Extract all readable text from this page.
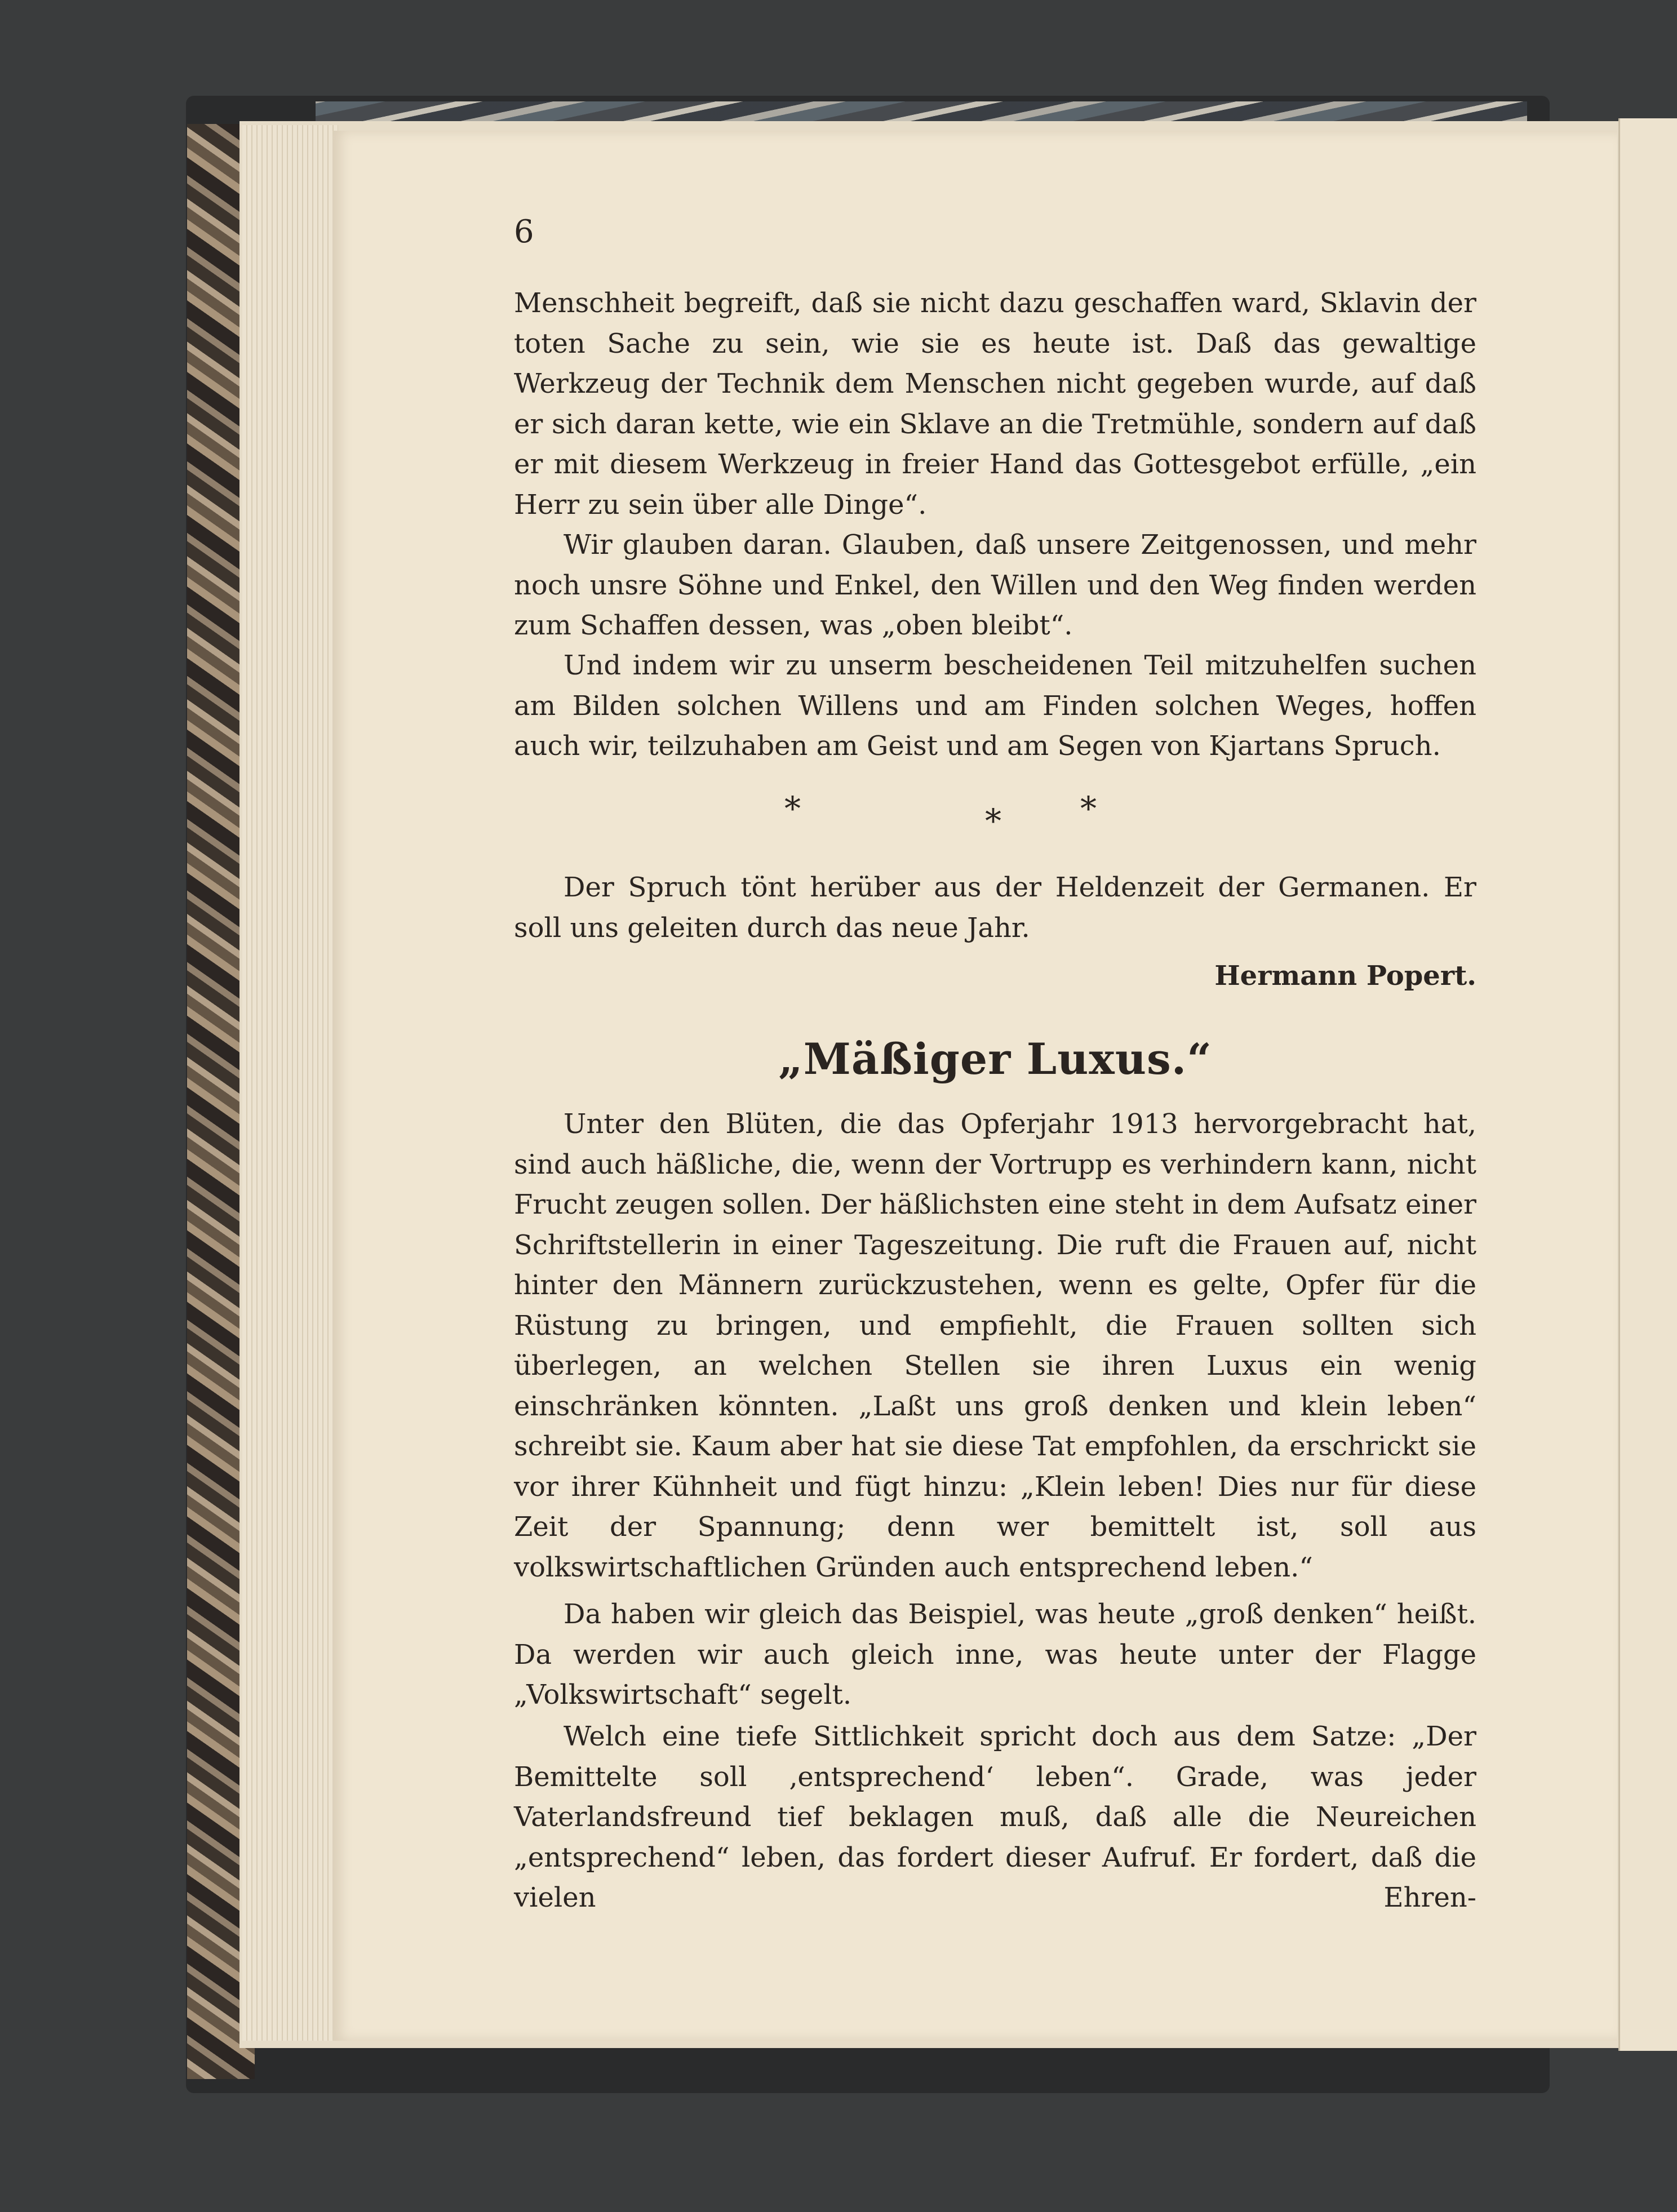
6
Menschheit begreift, daß sie nicht dazu geschaffen ward, Sklavin der toten Sache zu sein, wie sie es heute ist. Daß das gewaltige Werkzeug der Technik dem Menschen nicht gegeben wurde, auf daß er sich daran kette, wie ein Sklave an die Tretmühle, sondern auf daß er mit diesem Werkzeug in freier Hand das Gottesgebot erfülle, „ein Herr zu sein über alle Dinge“.
Wir glauben daran. Glauben, daß unsere Zeitgenossen, und mehr noch unsre Söhne und Enkel, den Willen und den Weg finden werden zum Schaffen dessen, was „oben bleibt“.
Und indem wir zu unserm bescheidenen Teil mitzuhelfen suchen am Bilden solchen Willens und am Finden solchen Weges, hoffen auch wir, teilzuhaben am Geist und am Segen von Kjartans Spruch.
*	* *
Der Spruch tönt herüber aus der Heldenzeit der Germanen. Er soll uns geleiten durch das neue Jahr.
Hermann Popert.
„Mäßiger Luxus.“
Unter den Blüten, die das Opferjahr 1913 hervorgebracht hat, sind auch häßliche, die, wenn der Vortrupp es verhindern kann, nicht Frucht zeugen sollen. Der häßlichsten eine steht in dem Aufsatz einer Schriftstellerin in einer Tageszeitung. Die ruft die Frauen auf, nicht hinter den Männern zurückzustehen, wenn es gelte, Opfer für die Rüstung zu bringen, und empfiehlt, die Frauen sollten sich überlegen, an welchen Stellen sie ihren Luxus ein wenig einschränken könnten. „Laßt uns groß denken und klein leben“ schreibt sie. Kaum aber hat sie diese Tat empfohlen, da erschrickt sie vor ihrer Kühnheit und fügt hinzu: „Klein leben! Dies nur für diese Zeit der Spannung; denn wer bemittelt ist, soll aus volkswirtschaftlichen Gründen auch entsprechend leben.“
Da haben wir gleich das Beispiel, was heute „groß denken“ heißt. Da werden wir auch gleich inne, was heute unter der Flagge „Volkswirtschaft“ segelt.
Welch eine tiefe Sittlichkeit spricht doch aus dem Satze: „Der Bemittelte soll ‚entsprechend‘ leben“. Grade, was jeder Vaterlandsfreund tief beklagen muß, daß alle die Neureichen „entsprechend“ leben, das fordert dieser Aufruf. Er fordert, daß die vielen Ehren-
